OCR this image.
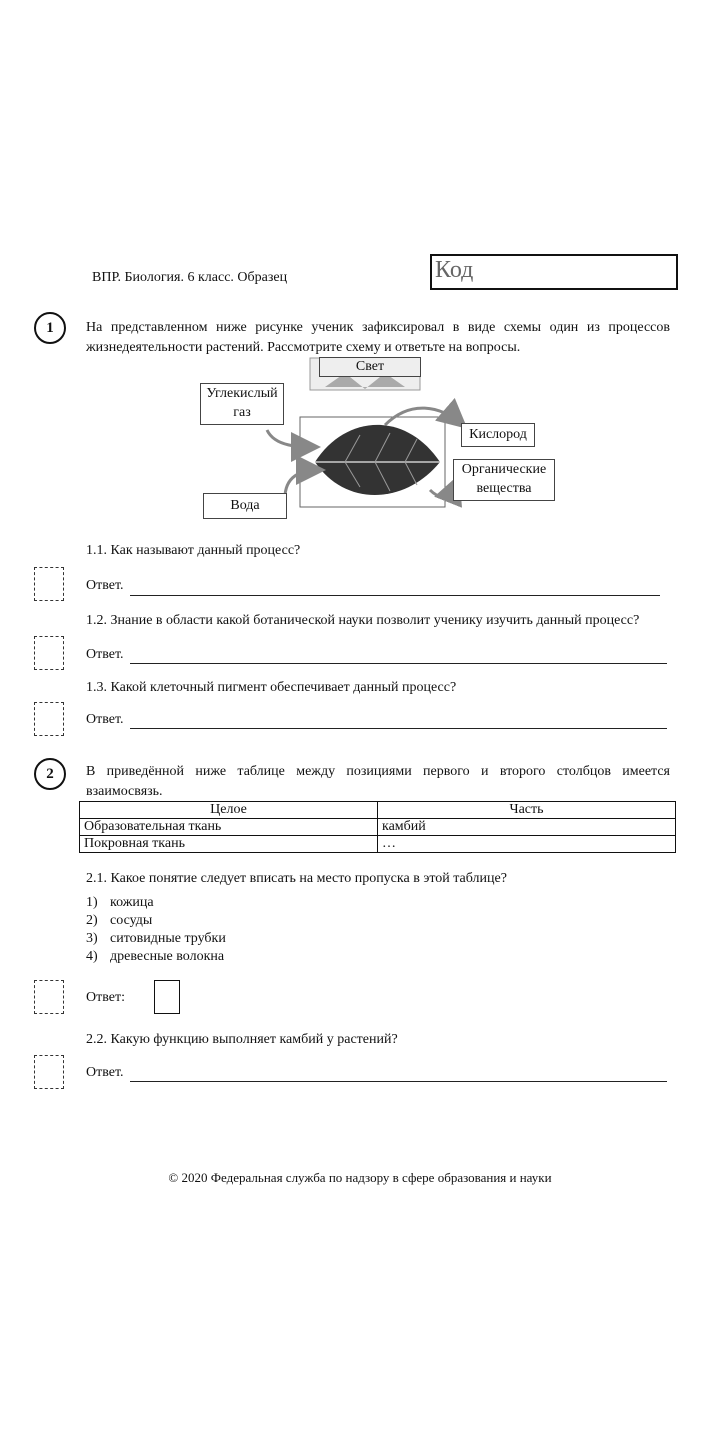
ВПР. Биология. 6 класс. Образец	Код
1	На представленном ниже рисунке ученик зафиксировал в виде схемы один из процессов жизнедеятельности растений. Рассмотрите схему и ответьте на вопросы.
Свет
Углекислый газ
Вода
Кислород
Органические вещества
1.1. Как называют данный процесс?
Ответ.
1.2. Знание в области какой ботанической науки позволит ученику изучить данный процесс?
Ответ.
1.3. Какой клеточный пигмент обеспечивает данный процесс?
Ответ.
2	В приведённой ниже таблице между позициями первого и второго столбцов имеется взаимосвязь.
Целое	Часть
Образовательная ткань	камбий
Покровная ткань	…
2.1. Какое понятие следует вписать на место пропуска в этой таблице?
1) кожица
2) сосуды
3) ситовидные трубки
4) древесные волокна
Ответ:
2.2. Какую функцию выполняет камбий у растений?
Ответ.
© 2020 Федеральная служба по надзору в сфере образования и науки
